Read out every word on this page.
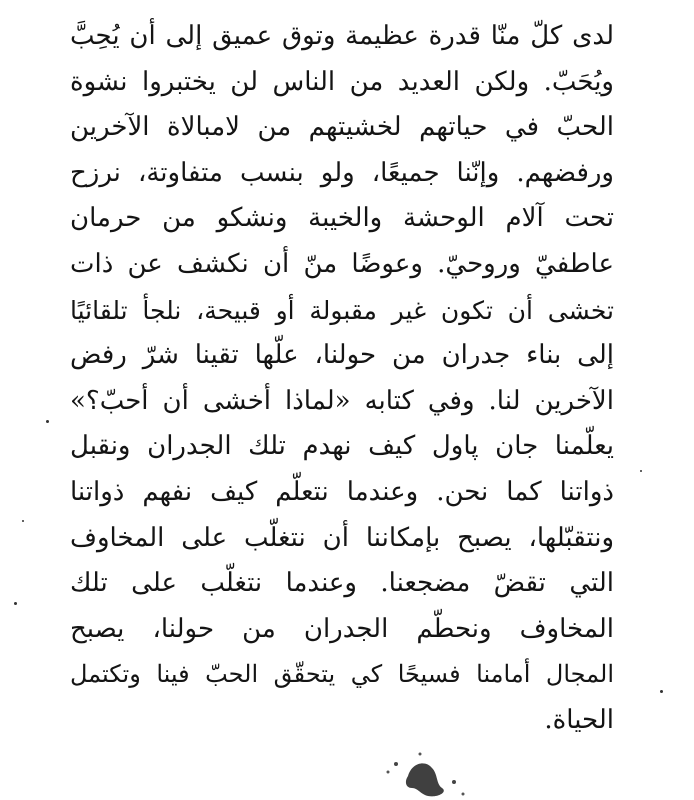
لدى كلّ منّا قدرة عظيمة وتوق عميق إلى أن يُحِبَّ
ويُحَبّ. ولكن العديد من الناس لن يختبروا نشوة
الحبّ في حياتهم لخشيتهم من لامبالاة الآخرين
ورفضهم. وإنّنا جميعًا، ولو بنسب متفاوتة، نرزح
تحت آلام الوحشة والخيبة ونشكو من حرمان
عاطفيّ وروحيّ. وعوضًا منّ أن نكشف عن ذات
تخشى أن تكون غير مقبولة أو قبيحة، نلجأ تلقائيًا
إلى بناء جدران من حولنا، علّها تقينا شرّ رفض
الآخرين لنا. وفي كتابه «لماذا أخشى أن أحبّ؟»
يعلّمنا جان پاول كيف نهدم تلك الجدران ونقبل
ذواتنا كما نحن. وعندما نتعلّم كيف نفهم ذواتنا
ونتقبّلها، يصبح بإمكاننا أن نتغلّب على المخاوف
التي تقضّ مضجعنا. وعندما نتغلّب على تلك
المخاوف ونحطّم الجدران من حولنا، يصبح
المجال أمامنا فسيحًا كي يتحقّق الحبّ فينا وتكتمل
الحياة.
